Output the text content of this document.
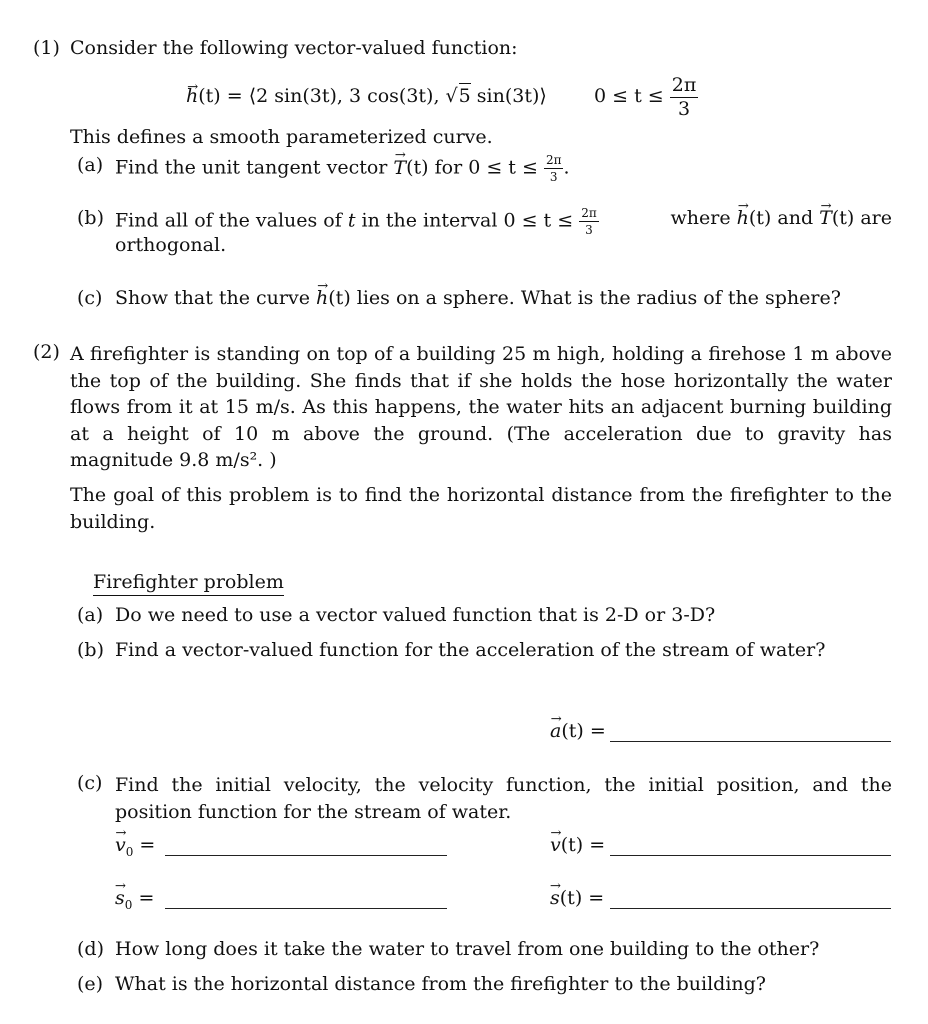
(1) Consider the following vector-valued function:
→ h(t) = ⟨2 sin(3t), 3 cos(3t), √5 sin(3t)⟩ $0 \le t \le \frac{2\pi}{3}$
This defines a smooth parameterized curve.
(a) Find the unit tangent vector → T(t) for $0 \le t \le \frac{2\pi}{3}$ .
(b) Find all of the values of t in the interval $0 \le t \le \frac{2\pi}{3}$	where → h(t) and → T(t) are
orthogonal.
(c) Show that the curve → h(t) lies on a sphere. What is the radius of the sphere?
(2) A firefighter is standing on top of a building 25 m high, holding a firehose 1 m above the top of the building. She finds that if she holds the hose horizontally the water flows from it at 15 m/s. As this happens, the water hits an adjacent burning building at a height of 10 m above the ground. (The acceleration due to gravity has magnitude 9.8 m/s². )
The goal of this problem is to find the horizontal distance from the firefighter to the building.
Firefighter problem
(a) Do we need to use a vector valued function that is 2-D or 3-D?
(b) Find a vector-valued function for the acceleration of the stream of water?
→ a(t) =
(c) Find the initial velocity, the velocity function, the initial position, and the position function for the stream of water.
→ $v_0$ =	→ v(t) =
→ $s_0$ =	→ s(t) =
(d) How long does it take the water to travel from one building to the other?
(e) What is the horizontal distance from the firefighter to the building?
